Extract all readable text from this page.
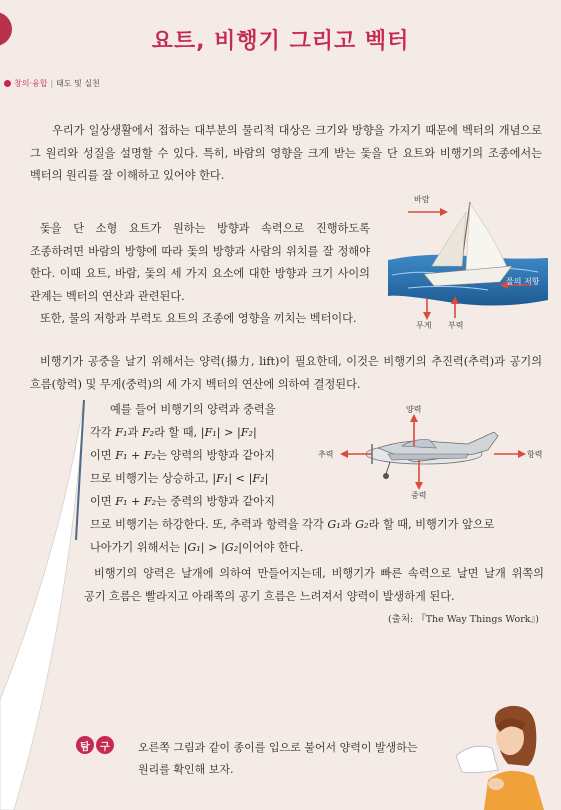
요트, 비행기 그리고 벡터
창의·융합 | 태도 및 실천

우리가 일상생활에서 접하는 대부분의 물리적 대상은 크기와 방향을 가지기 때문에 벡터의 개념으로 그 원리와 성질을 설명할 수 있다. 특히, 바람의 영향을 크게 받는 돛을 단 요트와 비행기의 조종에서는 벡터의 원리를 잘 이해하고 있어야 한다.

돛을 단 소형 요트가 원하는 방향과 속력으로 진행하도록 조종하려면 바람의 방향에 따라 돛의 방향과 사람의 위치를 잘 정해야 한다. 이때 요트, 바람, 돛의 세 가지 요소에 대한 방향과 크기 사이의 관계는 벡터의 연산과 관련된다.

또한, 물의 저항과 부력도 요트의 조종에 영향을 끼치는 벡터이다.

바람
물의 저항
무게 부력

비행기가 공중을 날기 위해서는 양력(揚力, lift)이 필요한데, 이것은 비행기의 추진력(추력)과 공기의 흐름(항력) 및 무게(중력)의 세 가지 벡터의 연산에 의하여 결정된다.

예를 들어 비행기의 양력과 중력을
각각 F₁과 F₂라 할 때, |F₁| > |F₂|
이면 F₁ + F₂는 양력의 방향과 같아지
므로 비행기는 상승하고, |F₁| < |F₂|
이면 F₁ + F₂는 중력의 방향과 같아지
므로 비행기는 하강한다. 또, 추력과 항력을 각각 G₁과 G₂라 할 때, 비행기가 앞으로
나아가기 위해서는 |G₁| > |G₂|이어야 한다.
양력
중력
추력	항력

비행기의 양력은 날개에 의하여 만들어지는데, 비행기가 빠른 속력으로 날면 날개 위쪽의 공기 흐름은 빨라지고 아래쪽의 공기 흐름은 느려져서 양력이 발생하게 된다.

(출처: 『The Way Things Work』)
탐	구	오른쪽 그림과 같이 종이를 입으로 불어서 양력이 발생하는 원리를 확인해 보자.
